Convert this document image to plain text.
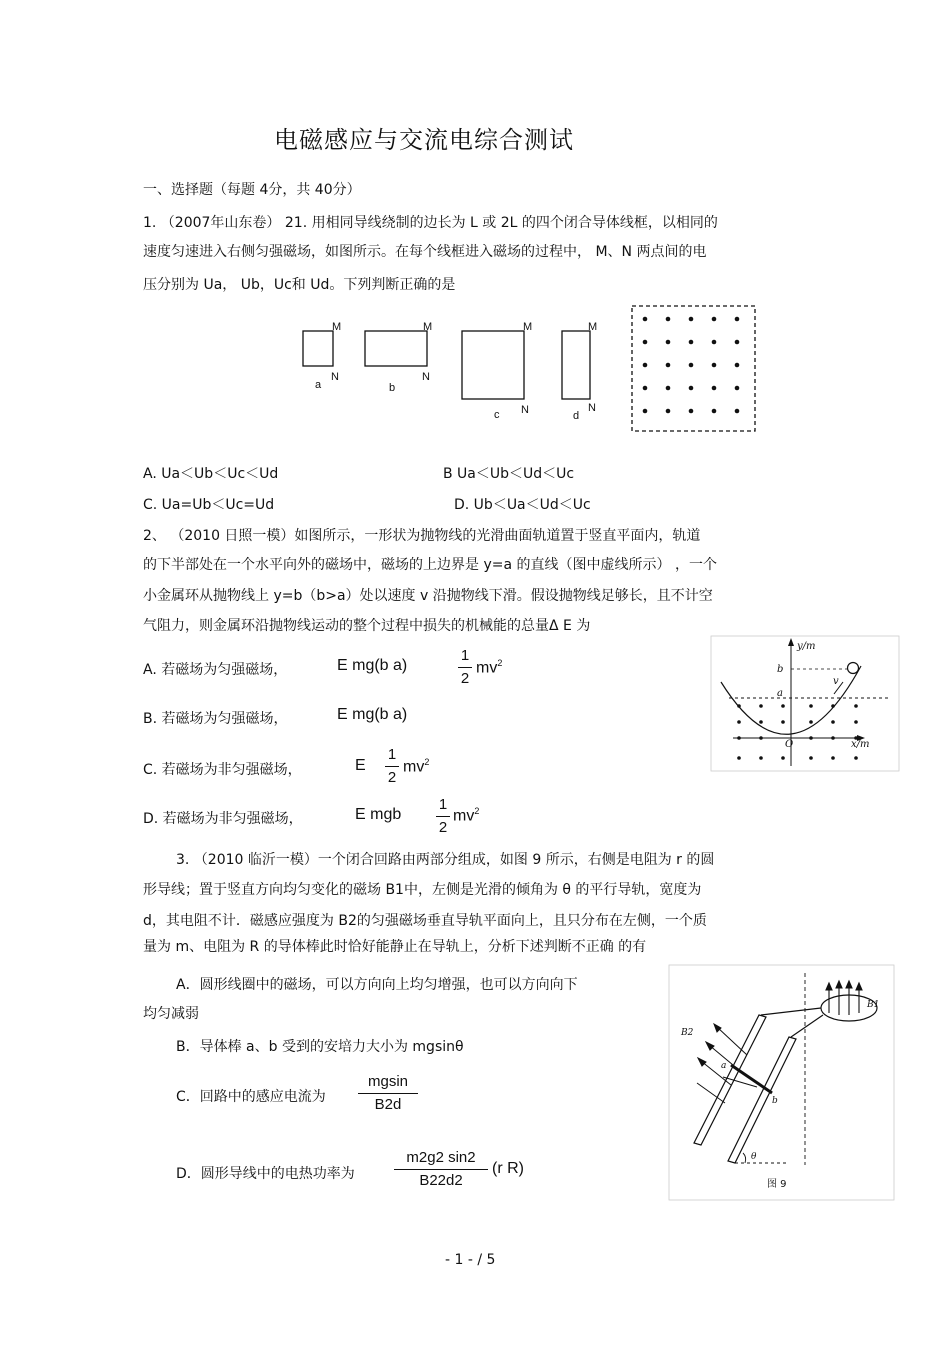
电磁感应与交流电综合测试
一、选择题（每题 4分，共 40分）
1. （2007年山东卷） 21. 用相同导线绕制的边长为 L 或 2L 的四个闭合导体线框，以相同的
速度匀速进入右侧匀强磁场，如图所示。在每个线框进入磁场的过程中， M、N 两点间的电
压分别为 Ua， Ub，Uc和 Ud。下列判断正确的是
M
N
a
M
N
b
M
N
c
M
N
d
A. Ua＜Ub＜Uc＜Ud	B Ua＜Ub＜Ud＜Uc
C. Ua=Ub＜Uc=Ud	D. Ub＜Ua＜Ud＜Uc
2、 （2010 日照一模）如图所示，一形状为抛物线的光滑曲面轨道置于竖直平面内，轨道
的下半部处在一个水平向外的磁场中，磁场的上边界是 y=a 的直线（图中虚线所示） ，一个
小金属环从抛物线上 y=b（b>a）处以速度 v 沿抛物线下滑。假设抛物线足够长，且不计空
气阻力，则金属环沿抛物线运动的整个过程中损失的机械能的总量Δ E 为
A. 若磁场为匀强磁场，	E mg(b a)
1
2
$mv^2$
B. 若磁场为匀强磁场，	E mg(b a)
C. 若磁场为非匀强磁场，	E
1
2
$mv^2$
D. 若磁场为非匀强磁场，	E mgb
1
2
$mv^2$
y/m
x/m
b
a
v
O
3. （2010 临沂一模）一个闭合回路由两部分组成，如图 9 所示，右侧是电阻为 r 的圆
形导线；置于竖直方向均匀变化的磁场 B1中，左侧是光滑的倾角为 θ 的平行导轨，宽度为
d，其电阻不计．磁感应强度为 B2的匀强磁场垂直导轨平面向上，且只分布在左侧，一个质
量为 m、电阻为 R 的导体棒此时恰好能静止在导轨上，分析下述判断不正确 的有
A．圆形线圈中的磁场，可以方向向上均匀增强，也可以方向向下
均匀减弱
B．导体棒 a、b 受到的安培力大小为 mgsinθ
C．回路中的感应电流为
mgsin
B2d
D．圆形导线中的电热功率为
m2g2 sin2
B22d2
(r R)
B1
B2
a
b
θ
图 9
- 1 - / 5
